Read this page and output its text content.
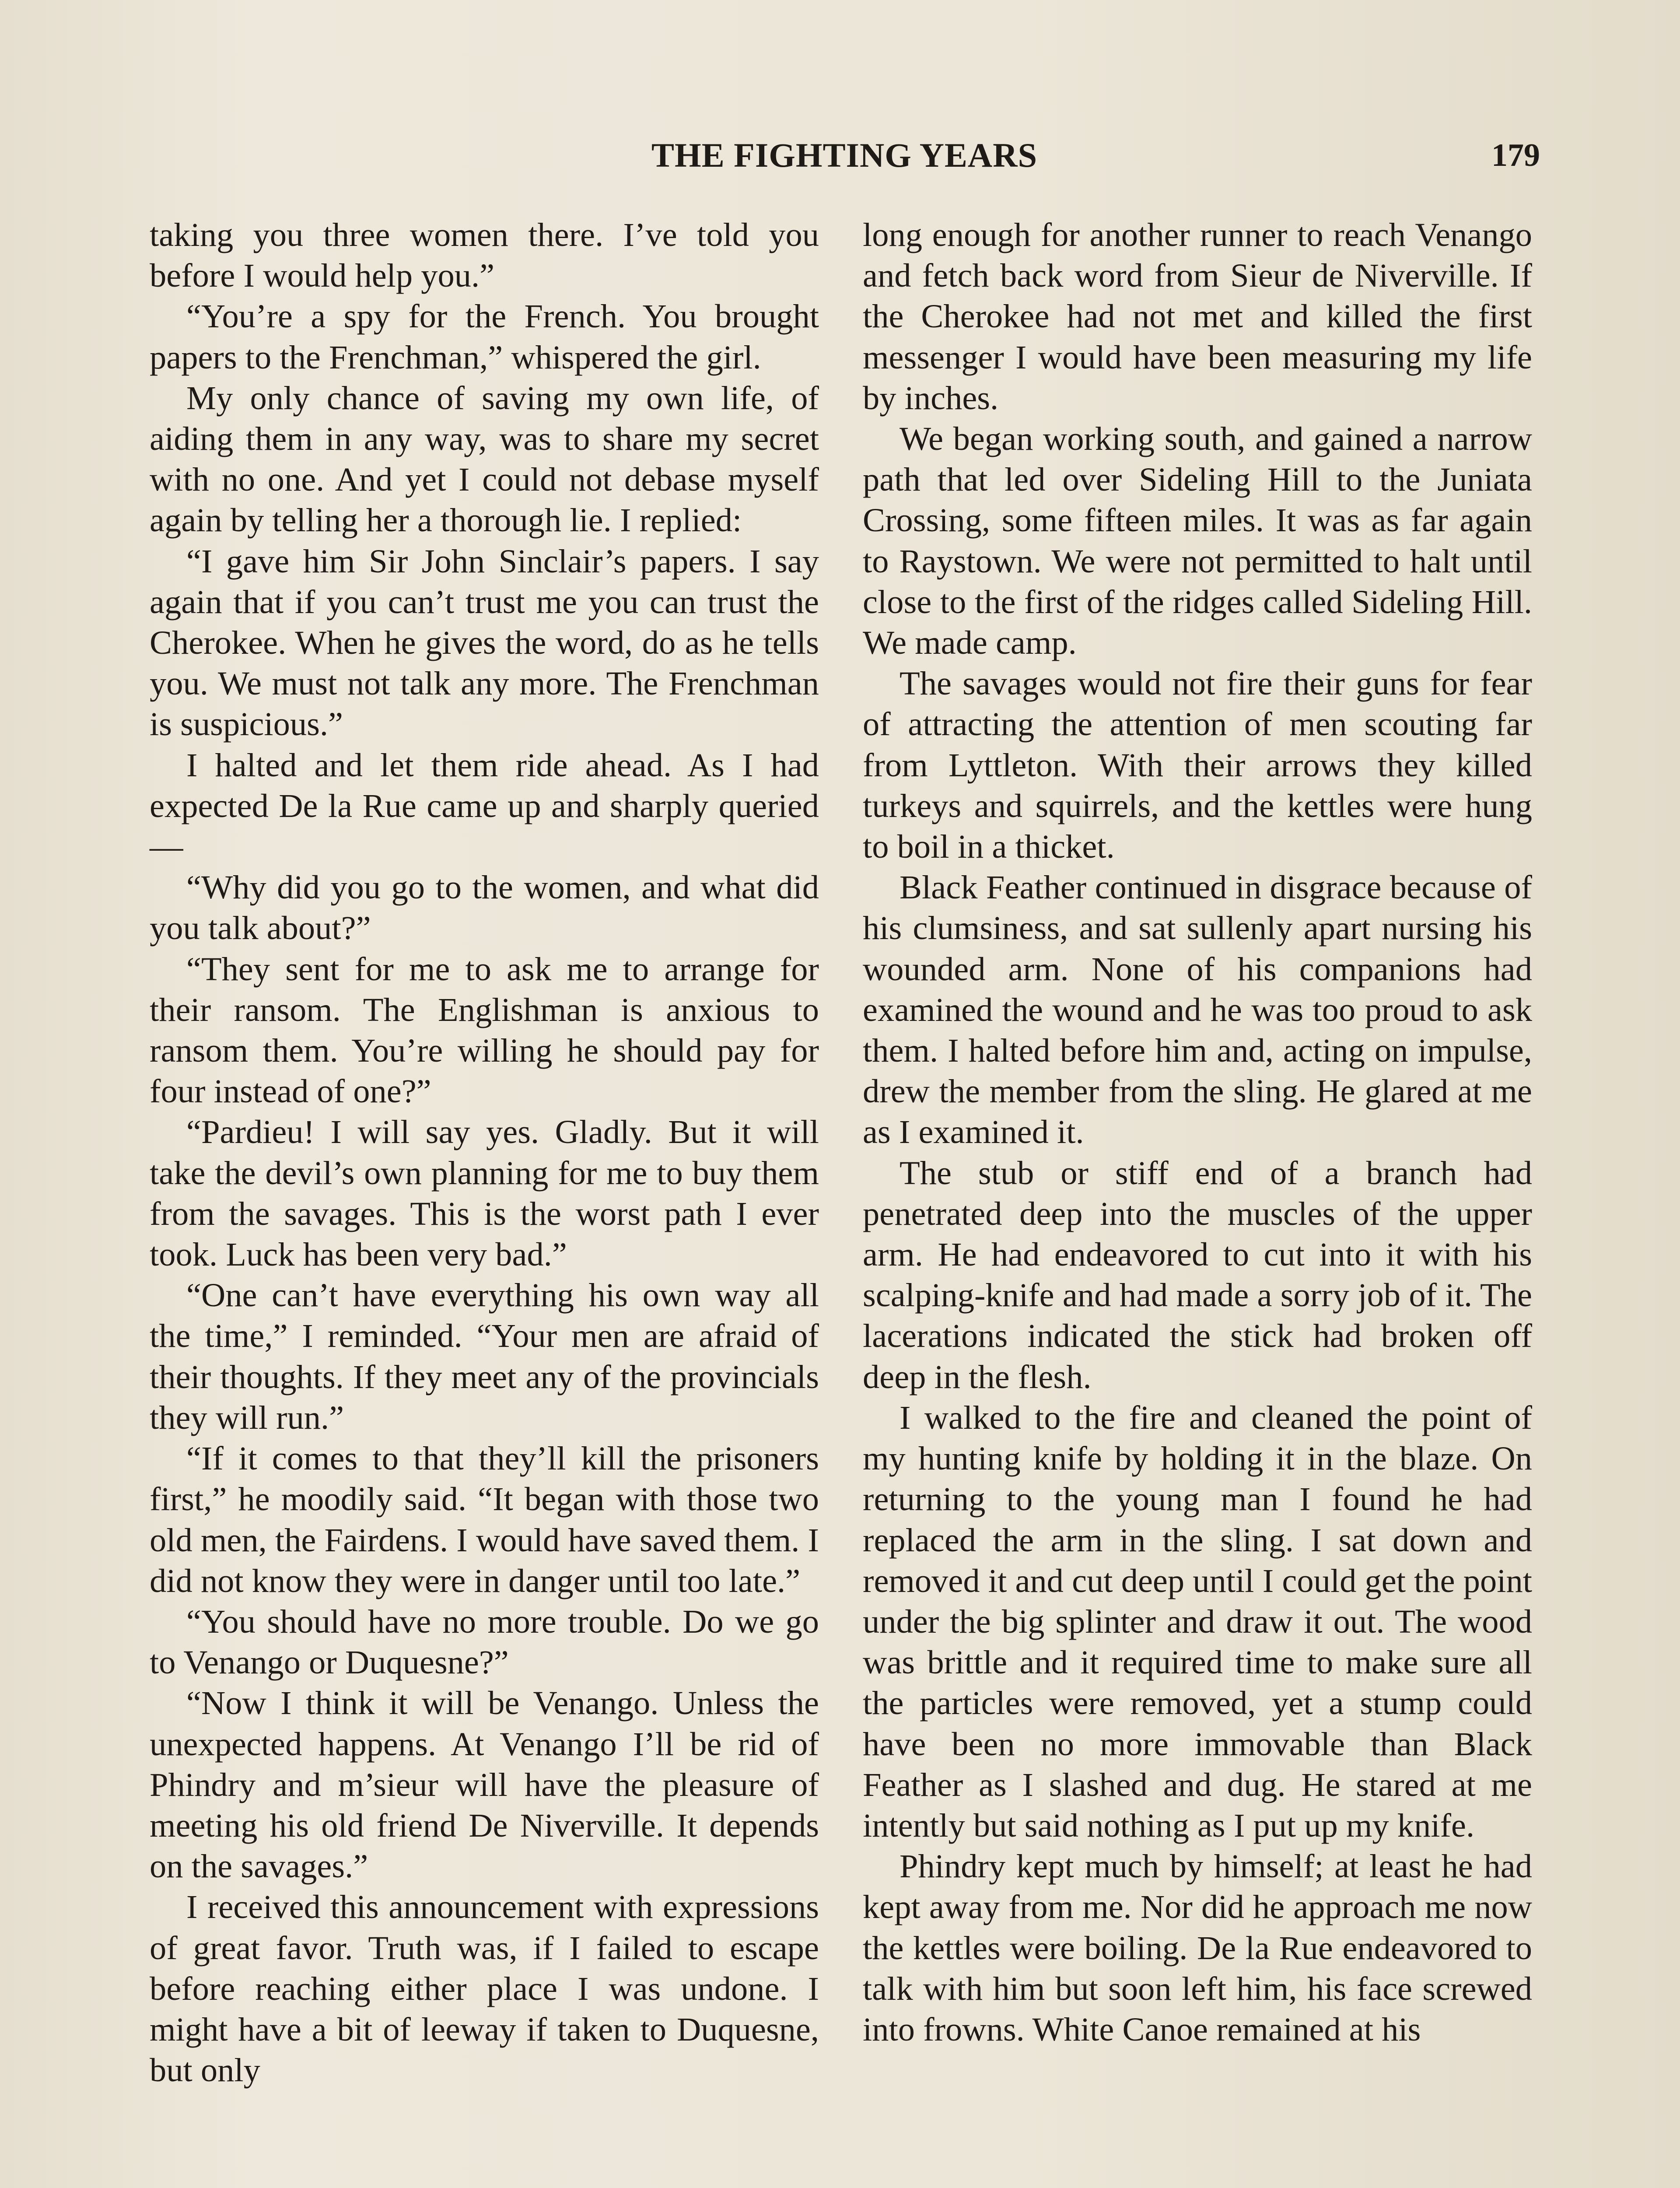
THE FIGHTING YEARS	179

taking you three women there. I’ve told you before I would help you.”

“You’re a spy for the French. You brought papers to the Frenchman,” whispered the girl.

My only chance of saving my own life, of aiding them in any way, was to share my secret with no one. And yet I could not debase myself again by telling her a thorough lie. I replied:

“I gave him Sir John Sinclair’s papers. I say again that if you can’t trust me you can trust the Cherokee. When he gives the word, do as he tells you. We must not talk any more. The Frenchman is suspicious.”

I halted and let them ride ahead. As I had expected De la Rue came up and sharply queried—

“Why did you go to the women, and what did you talk about?”

“They sent for me to ask me to arrange for their ransom. The Englishman is anxious to ransom them. You’re willing he should pay for four instead of one?”

“Pardieu! I will say yes. Gladly. But it will take the devil’s own planning for me to buy them from the savages. This is the worst path I ever took. Luck has been very bad.”

“One can’t have everything his own way all the time,” I reminded. “Your men are afraid of their thoughts. If they meet any of the provincials they will run.”

“If it comes to that they’ll kill the prisoners first,” he moodily said. “It began with those two old men, the Fairdens. I would have saved them. I did not know they were in danger until too late.”

“You should have no more trouble. Do we go to Venango or Duquesne?”

“Now I think it will be Venango. Unless the unexpected happens. At Venango I’ll be rid of Phindry and m’sieur will have the pleasure of meeting his old friend De Niverville. It depends on the savages.”

I received this announcement with expressions of great favor. Truth was, if I failed to escape before reaching either place I was undone. I might have a bit of leeway if taken to Duquesne, but only

long enough for another runner to reach Venango and fetch back word from Sieur de Niverville. If the Cherokee had not met and killed the first messenger I would have been measuring my life by inches.

We began working south, and gained a narrow path that led over Sideling Hill to the Juniata Crossing, some fifteen miles. It was as far again to Raystown. We were not permitted to halt until close to the first of the ridges called Sideling Hill. We made camp.

The savages would not fire their guns for fear of attracting the attention of men scouting far from Lyttleton. With their arrows they killed turkeys and squirrels, and the kettles were hung to boil in a thicket.

Black Feather continued in disgrace because of his clumsiness, and sat sullenly apart nursing his wounded arm. None of his companions had examined the wound and he was too proud to ask them. I halted before him and, acting on impulse, drew the member from the sling. He glared at me as I examined it.

The stub or stiff end of a branch had penetrated deep into the muscles of the upper arm. He had endeavored to cut into it with his scalping-knife and had made a sorry job of it. The lacerations indicated the stick had broken off deep in the flesh.

I walked to the fire and cleaned the point of my hunting knife by holding it in the blaze. On returning to the young man I found he had replaced the arm in the sling. I sat down and removed it and cut deep until I could get the point under the big splinter and draw it out. The wood was brittle and it required time to make sure all the particles were removed, yet a stump could have been no more immovable than Black Feather as I slashed and dug. He stared at me intently but said nothing as I put up my knife.

Phindry kept much by himself; at least he had kept away from me. Nor did he approach me now the kettles were boiling. De la Rue endeavored to talk with him but soon left him, his face screwed into frowns. White Canoe remained at his
